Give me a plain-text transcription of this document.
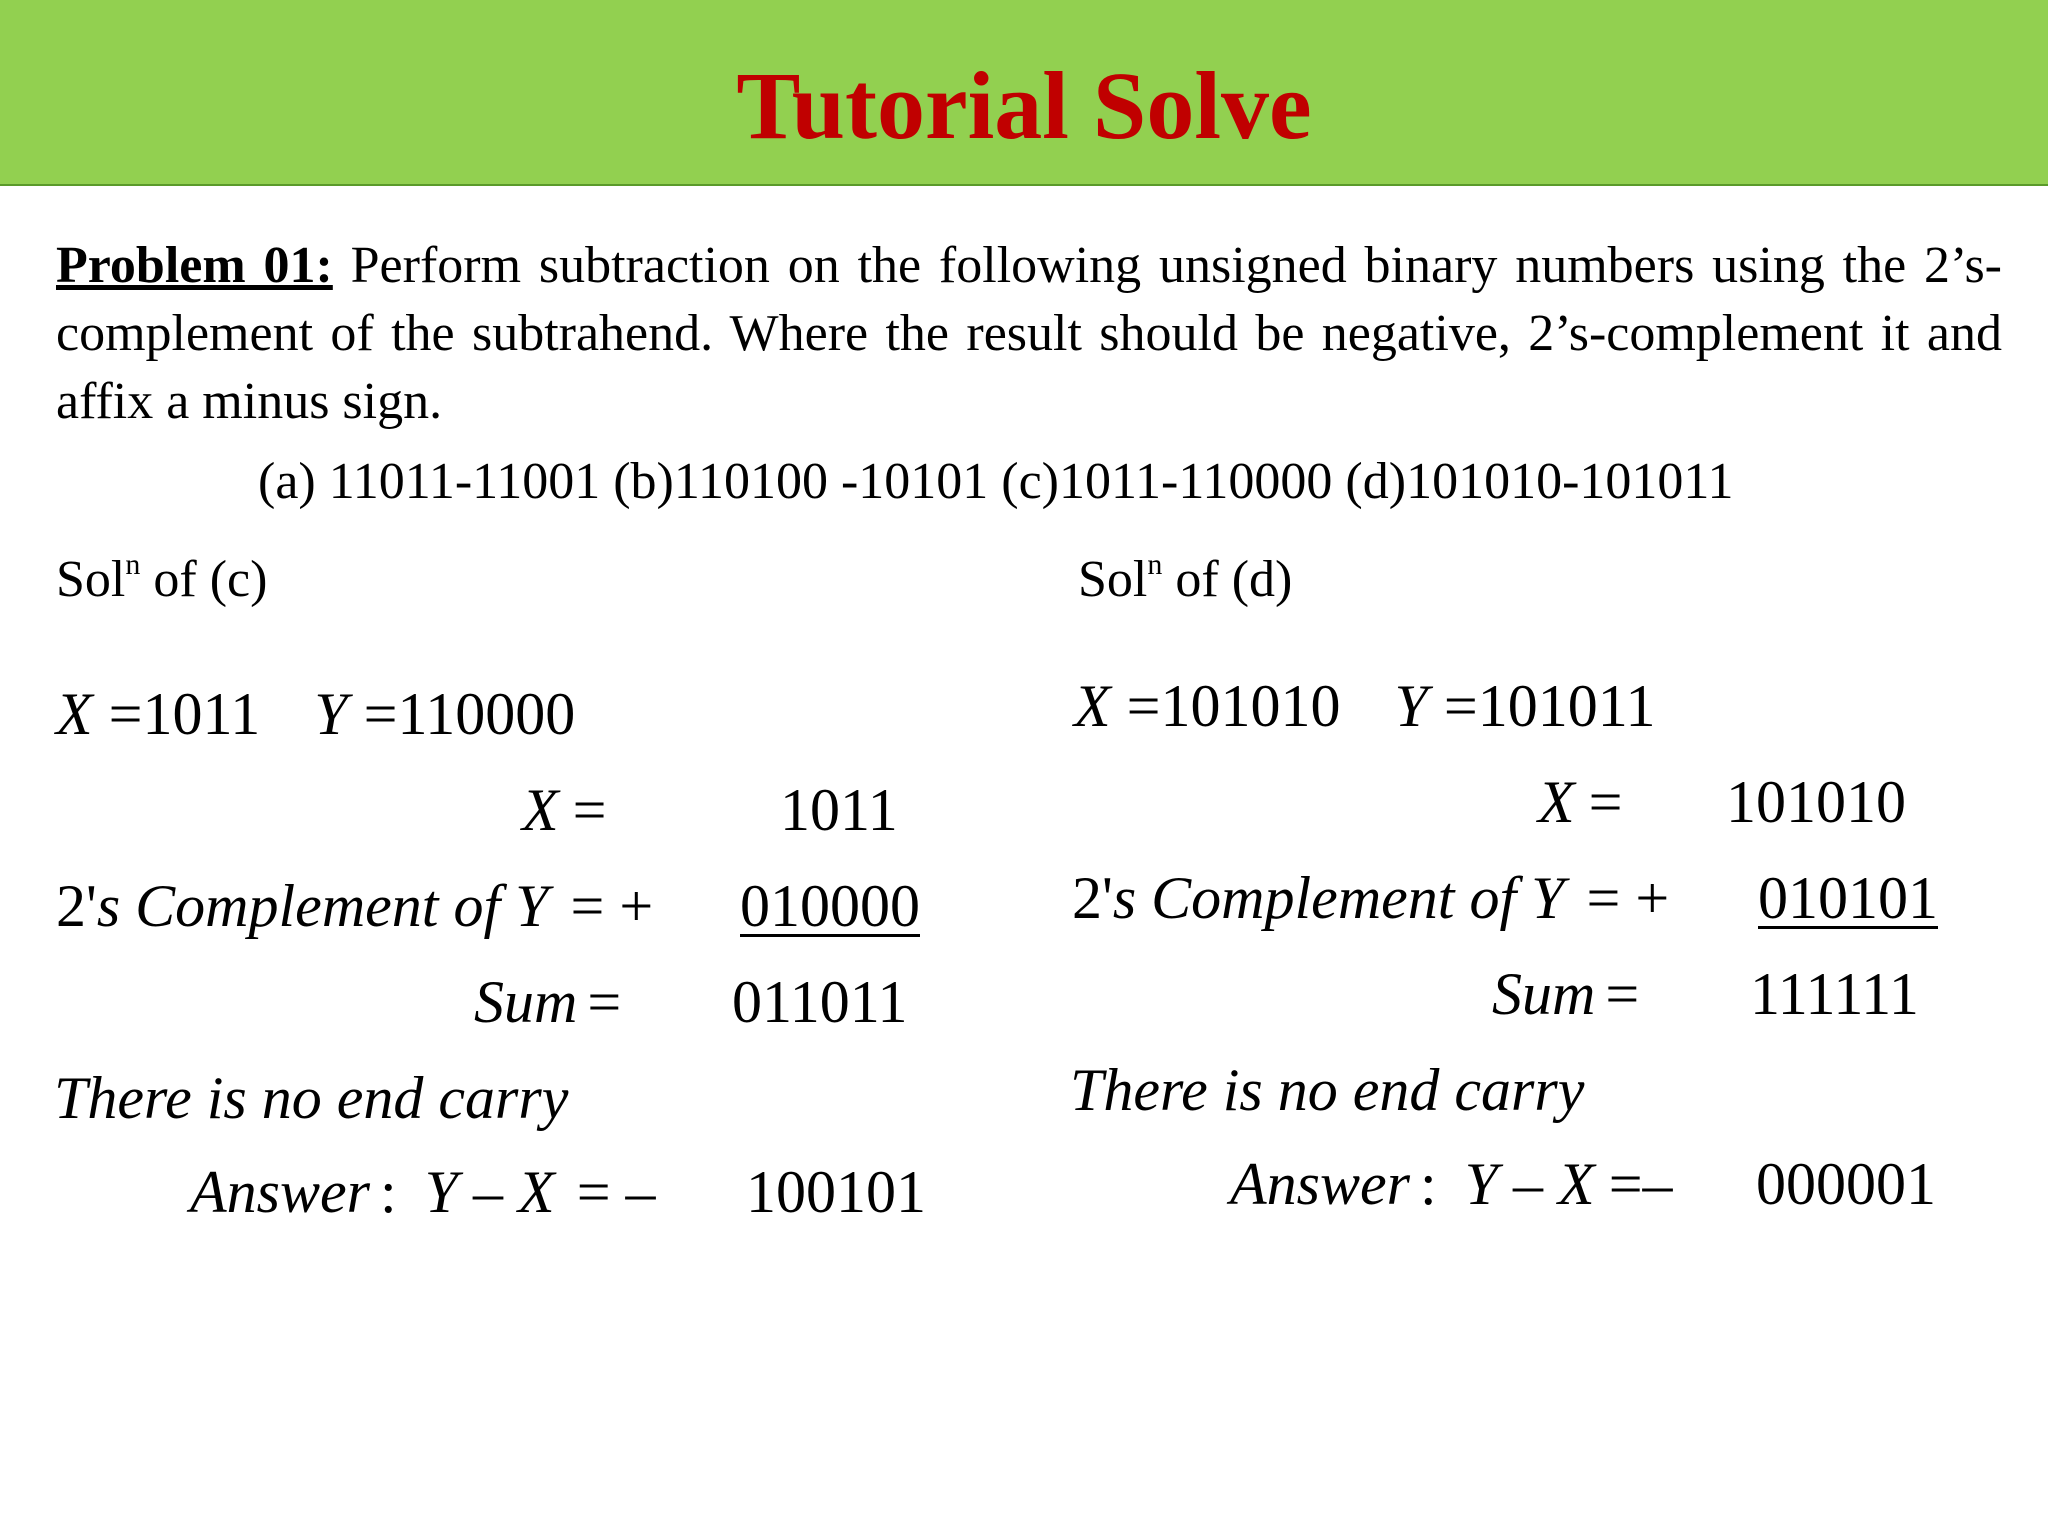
Tutorial Solve
Problem 01: Perform subtraction on the following unsigned binary numbers using the 2’s-complement of the subtrahend. Where the result should be negative, 2’s-complement it and affix a minus sign.
(a) 11011-11001 (b)110100 -10101 (c)1011-110000 (d)101010-101011
Sol$^n$ of (c)
X =1011 Y =110000
X =	1011
2's Complement of Y = + 010000
Sum = 011011
There is no end carry
Answer : Y – X = – 100101
Sol$^n$ of (d)
X =101010 Y =101011
X = 101010
2's Complement of Y = + 010101
Sum = 111111
There is no end carry
Answer : Y – X =– 000001
